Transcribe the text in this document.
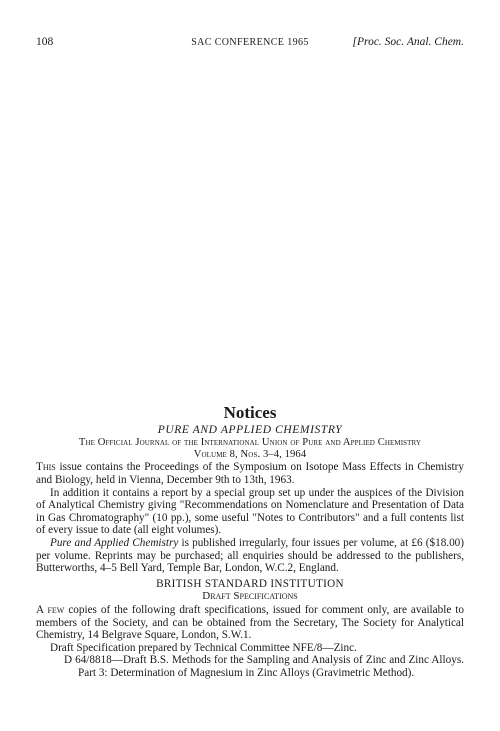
108	SAC CONFERENCE 1965	[Proc. Soc. Anal. Chem.
Notices
PURE AND APPLIED CHEMISTRY
The Official Journal of the International Union of Pure and Applied Chemistry
Volume 8, Nos. 3–4, 1964

This issue contains the Proceedings of the Symposium on Isotope Mass Effects in Chemistry and Biology, held in Vienna, December 9th to 13th, 1963.

In addition it contains a report by a special group set up under the auspices of the Division of Analytical Chemistry giving "Recommendations on Nomenclature and Presentation of Data in Gas Chromatography" (10 pp.), some useful "Notes to Contributors" and a full contents list of every issue to date (all eight volumes).

Pure and Applied Chemistry is published irregularly, four issues per volume, at £6 ($18.00) per volume. Reprints may be purchased; all enquiries should be addressed to the publishers, Butterworths, 4–5 Bell Yard, Temple Bar, London, W.C.2, England.

BRITISH STANDARD INSTITUTION
Draft Specifications

A few copies of the following draft specifications, issued for comment only, are available to members of the Society, and can be obtained from the Secretary, The Society for Analytical Chemistry, 14 Belgrave Square, London, S.W.1.

Draft Specification prepared by Technical Committee NFE/8—Zinc.

D 64/8818—Draft B.S. Methods for the Sampling and Analysis of Zinc and Zinc Alloys. Part 3: Determination of Magnesium in Zinc Alloys (Gravimetric Method).
